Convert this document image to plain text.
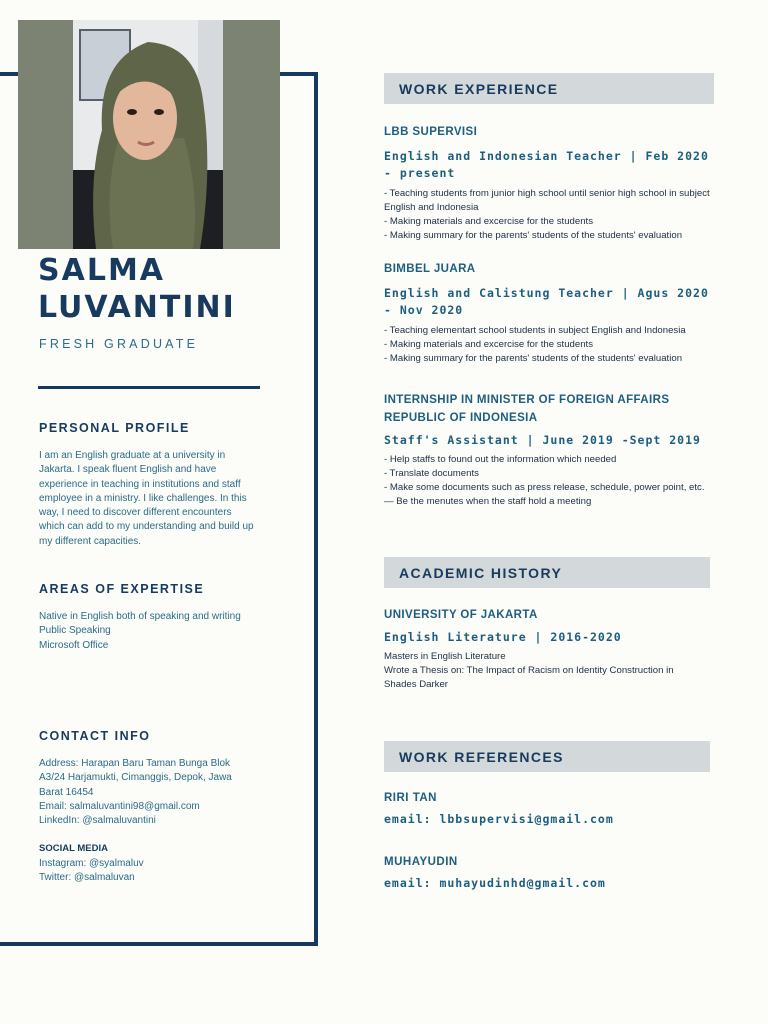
SALMA
LUVANTINI
FRESH GRADUATE
PERSONAL PROFILE
I am an English graduate at a university in
Jakarta. I speak fluent English and have
experience in teaching in institutions and staff
employee in a ministry. I like challenges. In this
way, I need to discover different encounters
which can add to my understanding and build up
my different capacities.
AREAS OF EXPERTISE
Native in English both of speaking and writing
Public Speaking
Microsoft Office
CONTACT INFO
Address: Harapan Baru Taman Bunga Blok A3/24 Harjamukti, Cimanggis, Depok, Jawa Barat 16454
Email: salmaluvantini98@gmail.com
LinkedIn: @salmaluvantini
SOCIAL MEDIA
Instagram: @syalmaluv
Twitter: @salmaluvan
WORK EXPERIENCE
LBB SUPERVISI
English and Indonesian Teacher | Feb 2020 - present
- Teaching students from junior high school until senior high school in subject English and Indonesia
- Making materials and excercise for the students
- Making summary for the parents' students of the students' evaluation
BIMBEL JUARA
English and Calistung Teacher | Agus 2020 - Nov 2020
- Teaching elementart school students in subject English and Indonesia
- Making materials and excercise for the students
- Making summary for the parents' students of the students' evaluation
INTERNSHIP IN MINISTER OF FOREIGN AFFAIRS REPUBLIC OF INDONESIA
Staff's Assistant | June 2019 -Sept 2019
- Help staffs to found out the information which needed
- Translate documents
- Make some documents such as press release, schedule, power point, etc.
— Be the menutes when the staff hold a meeting
ACADEMIC HISTORY
UNIVERSITY OF JAKARTA
English Literature | 2016-2020
Masters in English Literature
Wrote a Thesis on: The Impact of Racism on Identity Construction in
Shades Darker
WORK REFERENCES
RIRI TAN
email: lbbsupervisi@gmail.com
MUHAYUDIN
email: muhayudinhd@gmail.com
